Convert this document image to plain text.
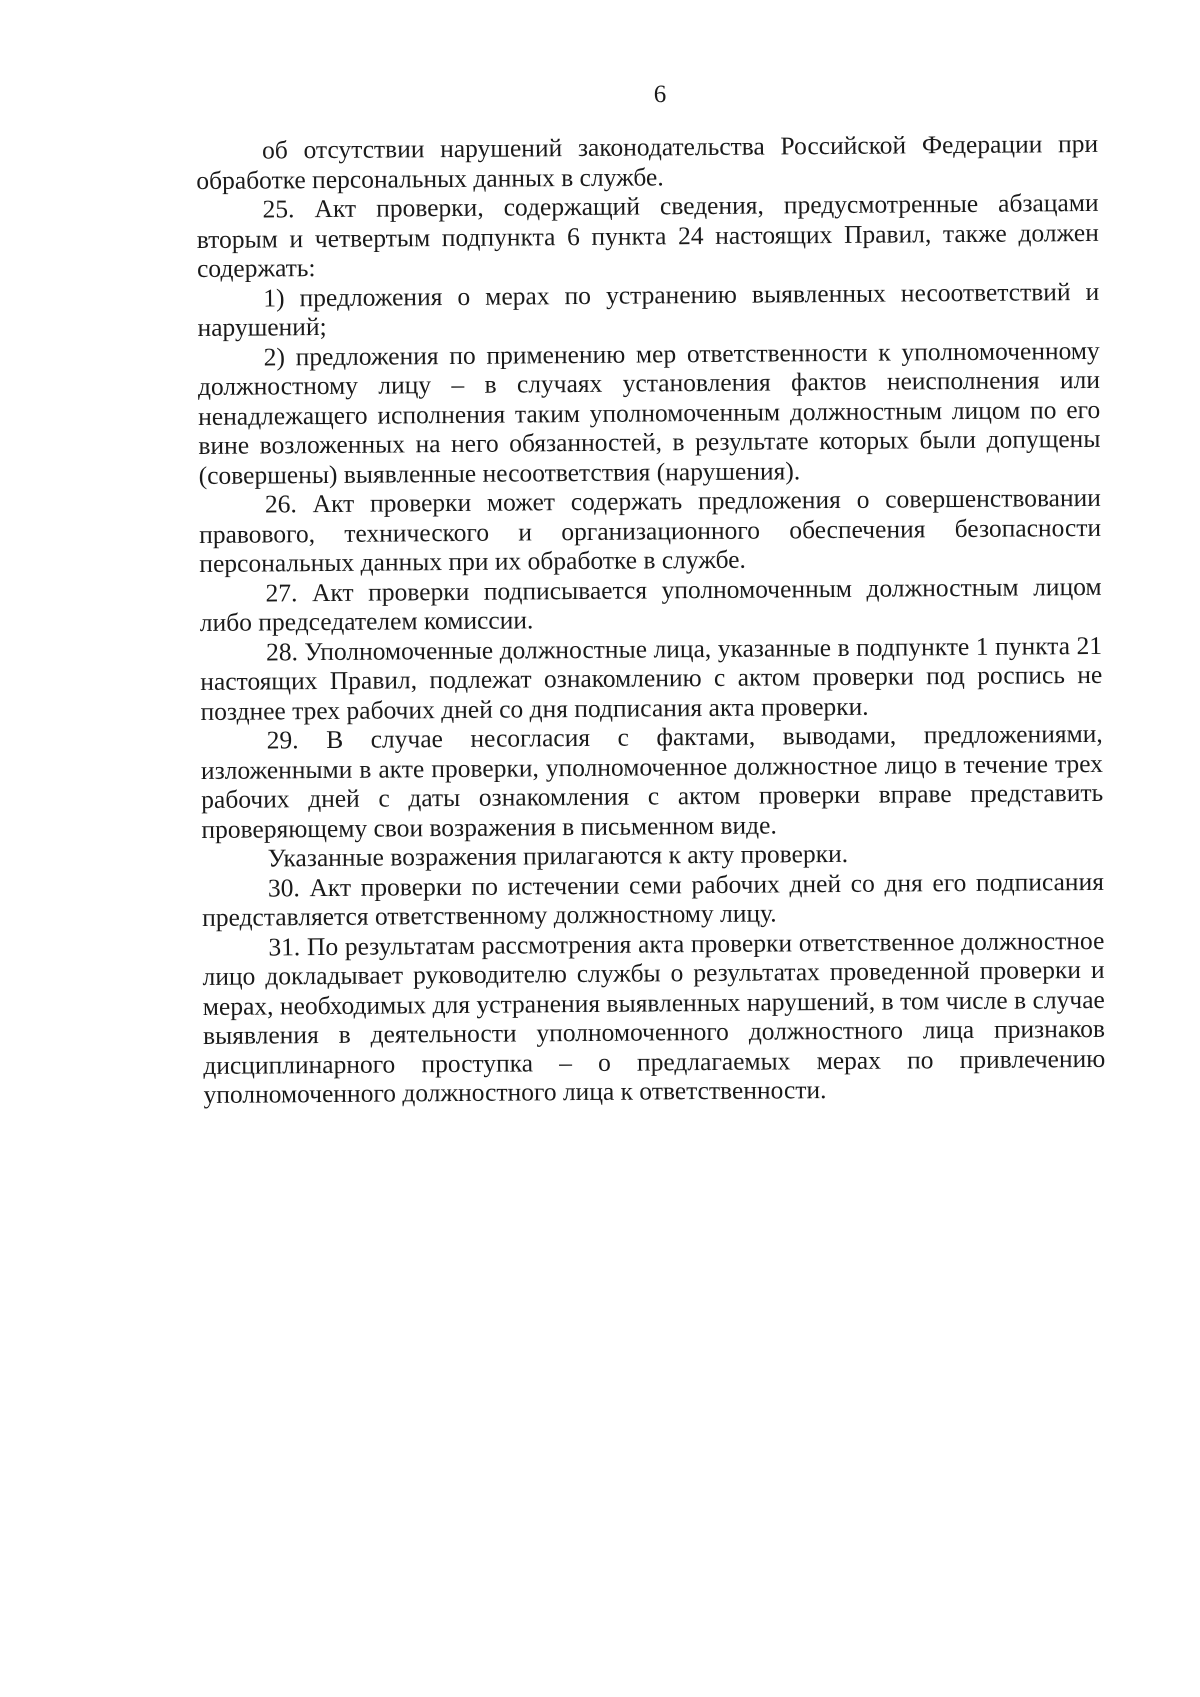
6

об отсутствии нарушений законодательства Российской Федерации при обработке персональных данных в службе.

25. Акт проверки, содержащий сведения, предусмотренные абзацами вторым и четвертым подпункта 6 пункта 24 настоящих Правил, также должен содержать:

1) предложения о мерах по устранению выявленных несоответствий и нарушений;

2) предложения по применению мер ответственности к уполномоченному должностному лицу – в случаях установления фактов неисполнения или ненадлежащего исполнения таким уполномоченным должностным лицом по его вине возложенных на него обязанностей, в результате которых были допущены (совершены) выявленные несоответствия (нарушения).

26. Акт проверки может содержать предложения о совершенствовании правового, технического и организационного обеспечения безопасности персональных данных при их обработке в службе.

27. Акт проверки подписывается уполномоченным должностным лицом либо председателем комиссии.

28. Уполномоченные должностные лица, указанные в подпункте 1 пункта 21 настоящих Правил, подлежат ознакомлению с актом проверки под роспись не позднее трех рабочих дней со дня подписания акта проверки.

29. В случае несогласия с фактами, выводами, предложениями, изложенными в акте проверки, уполномоченное должностное лицо в течение трех рабочих дней с даты ознакомления с актом проверки вправе представить проверяющему свои возражения в письменном виде.

Указанные возражения прилагаются к акту проверки.

30. Акт проверки по истечении семи рабочих дней со дня его подписания представляется ответственному должностному лицу.

31. По результатам рассмотрения акта проверки ответственное должностное лицо докладывает руководителю службы о результатах проведенной проверки и мерах, необходимых для устранения выявленных нарушений, в том числе в случае выявления в деятельности уполномоченного должностного лица признаков дисциплинарного проступка – о предлагаемых мерах по привлечению уполномоченного должностного лица к ответственности.
